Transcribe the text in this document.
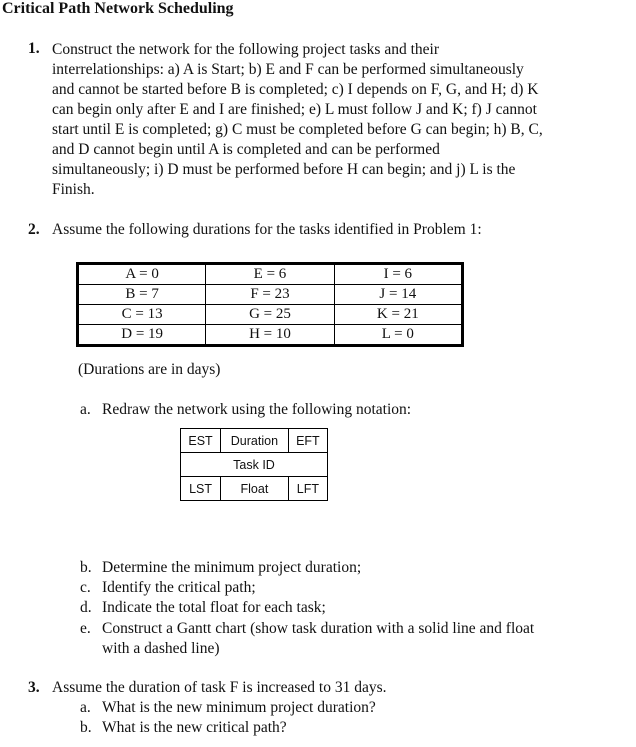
Critical Path Network Scheduling
1. Construct the network for the following project tasks and their
interrelationships: a) A is Start; b) E and F can be performed simultaneously
and cannot be started before B is completed; c) I depends on F, G, and H; d) K
can begin only after E and I are finished; e) L must follow J and K; f) J cannot
start until E is completed; g) C must be completed before G can begin; h) B, C,
and D cannot begin until A is completed and can be performed
simultaneously; i) D must be performed before H can begin; and j) L is the
Finish.
2. Assume the following durations for the tasks identified in Problem 1:
A = 0	E = 6	I = 6
B = 7	F = 23	J = 14
C = 13	G = 25	K = 21
D = 19	H = 10	L = 0
(Durations are in days)
a. Redraw the network using the following notation:
EST	Duration	EFT
Task ID		
LST	Float	LFT
b. Determine the minimum project duration;
c. Identify the critical path;
d. Indicate the total float for each task;
e. Construct a Gantt chart (show task duration with a solid line and float
with a dashed line)
3. Assume the duration of task F is increased to 31 days.
a. What is the new minimum project duration?
b. What is the new critical path?
